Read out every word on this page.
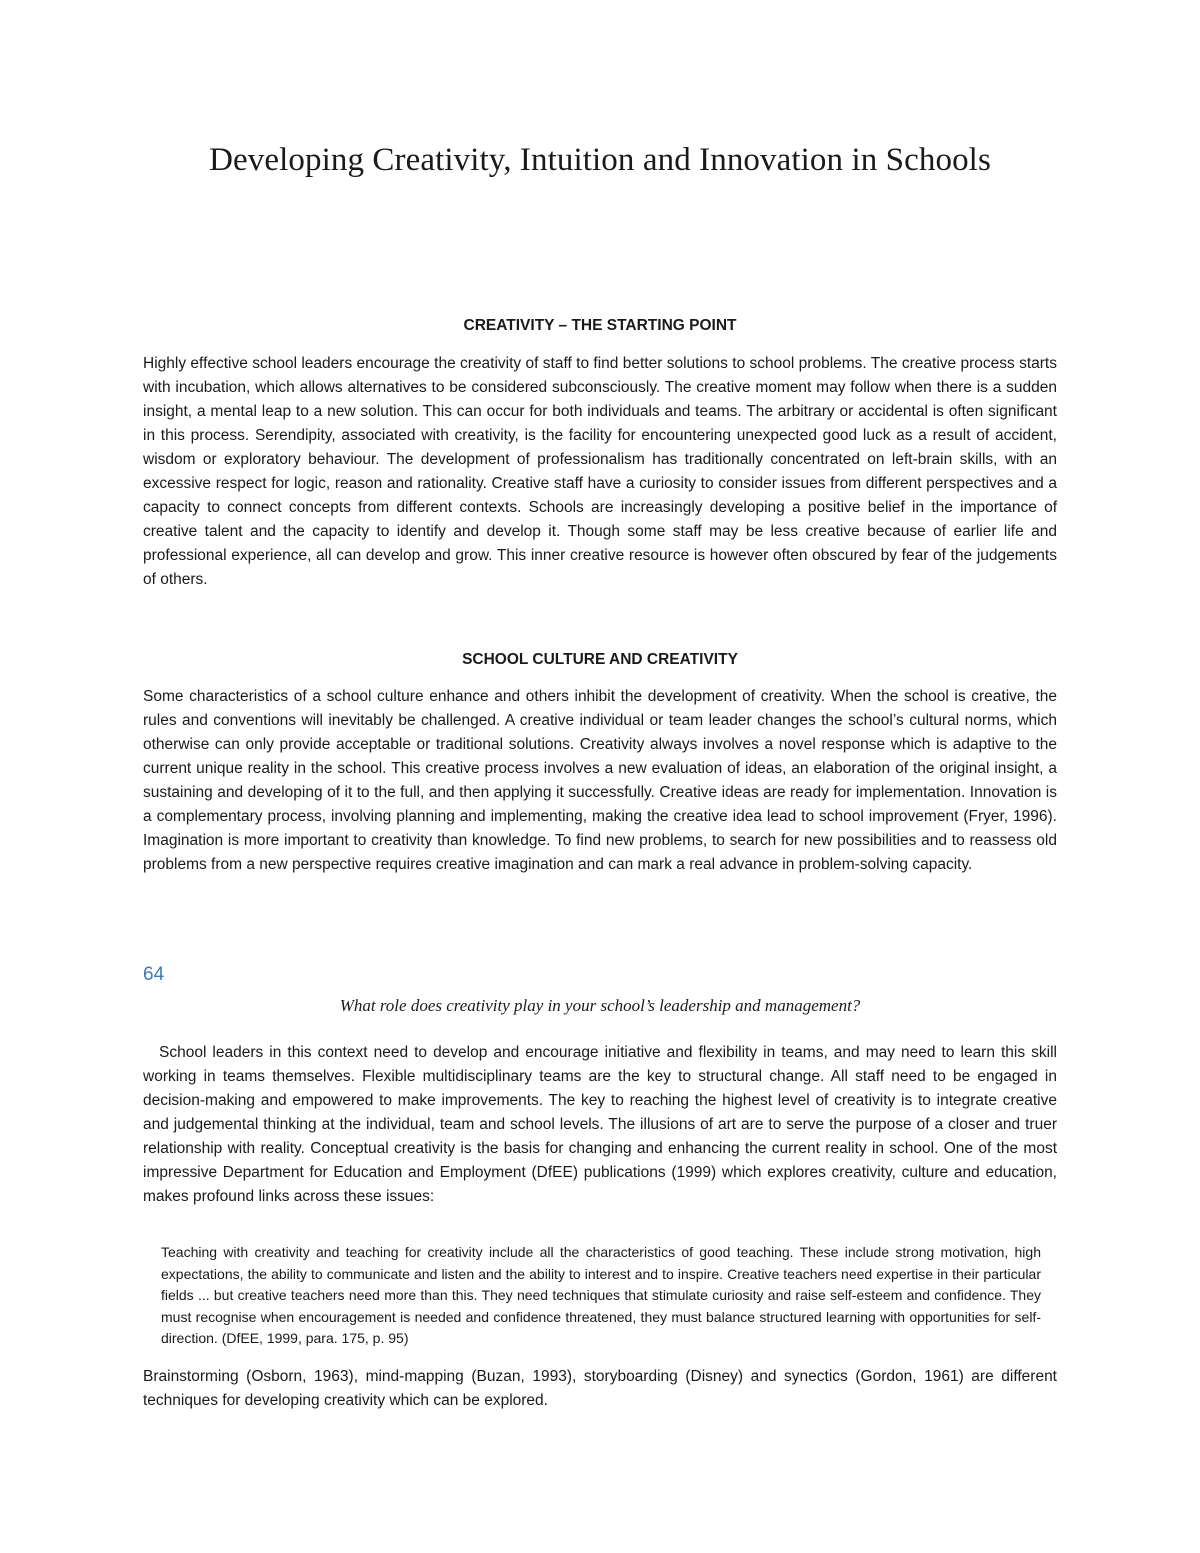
Developing Creativity, Intuition and Innovation in Schools
CREATIVITY – THE STARTING POINT

Highly effective school leaders encourage the creativity of staff to find better solutions to school problems. The creative process starts with incubation, which allows alternatives to be considered subconsciously. The creative moment may follow when there is a sudden insight, a mental leap to a new solution. This can occur for both individuals and teams. The arbitrary or accidental is often significant in this process. Serendipity, associated with creativity, is the facility for encountering unexpected good luck as a result of accident, wisdom or exploratory behaviour. The development of professionalism has traditionally concentrated on left-brain skills, with an excessive respect for logic, reason and rationality. Creative staff have a curiosity to consider issues from different perspectives and a capacity to connect concepts from different contexts. Schools are increasingly developing a positive belief in the importance of creative talent and the capacity to identify and develop it. Though some staff may be less creative because of earlier life and professional experience, all can develop and grow. This inner creative resource is however often obscured by fear of the judgements of others.

SCHOOL CULTURE AND CREATIVITY

Some characteristics of a school culture enhance and others inhibit the development of creativity. When the school is creative, the rules and conventions will inevitably be challenged. A creative individual or team leader changes the school’s cultural norms, which otherwise can only provide acceptable or traditional solutions. Creativity always involves a novel response which is adaptive to the current unique reality in the school. This creative process involves a new evaluation of ideas, an elaboration of the original insight, a sustaining and developing of it to the full, and then applying it successfully. Creative ideas are ready for implementation. Innovation is a complementary process, involving planning and implementing, making the creative idea lead to school improvement (Fryer, 1996). Imagination is more important to creativity than knowledge. To find new problems, to search for new possibilities and to reassess old problems from a new perspective requires creative imagination and can mark a real advance in problem-solving capacity.

64

What role does creativity play in your school’s leadership and management?

School leaders in this context need to develop and encourage initiative and flexibility in teams, and may need to learn this skill working in teams themselves. Flexible multidisciplinary teams are the key to structural change. All staff need to be engaged in decision-making and empowered to make improvements. The key to reaching the highest level of creativity is to integrate creative and judgemental thinking at the individual, team and school levels. The illusions of art are to serve the purpose of a closer and truer relationship with reality. Conceptual creativity is the basis for changing and enhancing the current reality in school. One of the most impressive Department for Education and Employment (DfEE) publications (1999) which explores creativity, culture and education, makes profound links across these issues:

Teaching with creativity and teaching for creativity include all the characteristics of good teaching. These include strong motivation, high expectations, the ability to communicate and listen and the ability to interest and to inspire. Creative teachers need expertise in their particular fields ... but creative teachers need more than this. They need techniques that stimulate curiosity and raise self-esteem and confidence. They must recognise when encouragement is needed and confidence threatened, they must balance structured learning with opportunities for self-direction. (DfEE, 1999, para. 175, p. 95)

Brainstorming (Osborn, 1963), mind-mapping (Buzan, 1993), storyboarding (Disney) and synectics (Gordon, 1961) are different techniques for developing creativity which can be explored.
